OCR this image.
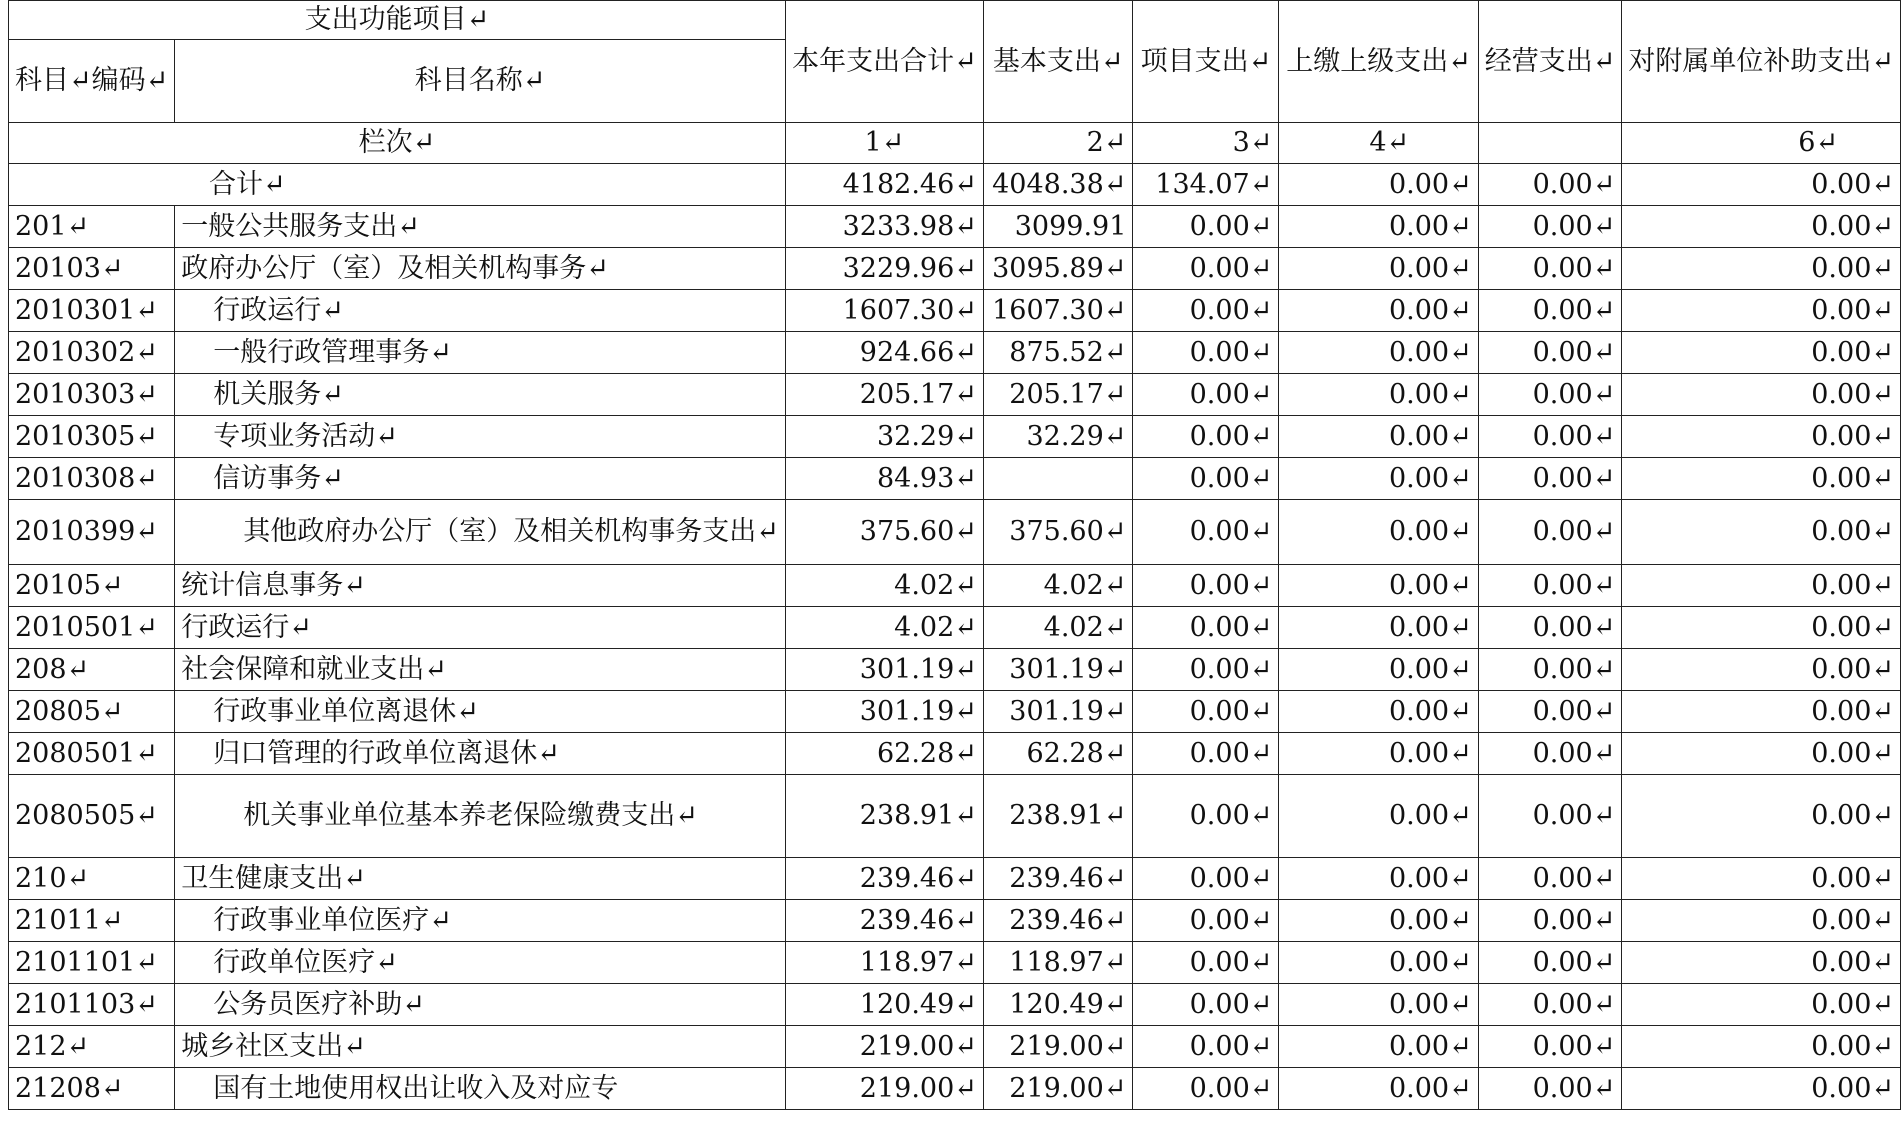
支出功能项目↵		本年支出合计↵	基本支出↵	项目支出↵	上缴上级支出↵	经营支出↵	对附属单位补助支出↵
科目↵编码↵	科目名称↵						
栏次↵		1↵	2↵	3↵	4↵		6↵
合计↵		4182.46↵	4048.38↵	134.07↵	0.00↵	0.00↵	0.00↵
201↵	一般公共服务支出↵	3233.98↵	3099.91	0.00↵	0.00↵	0.00↵	0.00↵
20103↵	政府办公厅（室）及相关机构事务↵	3229.96↵	3095.89↵	0.00↵	0.00↵	0.00↵	0.00↵
2010301↵	行政运行↵	1607.30↵	1607.30↵	0.00↵	0.00↵	0.00↵	0.00↵
2010302↵	一般行政管理事务↵	924.66↵	875.52↵	0.00↵	0.00↵	0.00↵	0.00↵
2010303↵	机关服务↵	205.17↵	205.17↵	0.00↵	0.00↵	0.00↵	0.00↵
2010305↵	专项业务活动↵	32.29↵	32.29↵	0.00↵	0.00↵	0.00↵	0.00↵
2010308↵	信访事务↵	84.93↵		0.00↵	0.00↵	0.00↵	0.00↵
2010399↵	其他政府办公厅（室）及相关机构事务支出↵	375.60↵	375.60↵	0.00↵	0.00↵	0.00↵	0.00↵
20105↵	统计信息事务↵	4.02↵	4.02↵	0.00↵	0.00↵	0.00↵	0.00↵
2010501↵	行政运行↵	4.02↵	4.02↵	0.00↵	0.00↵	0.00↵	0.00↵
208↵	社会保障和就业支出↵	301.19↵	301.19↵	0.00↵	0.00↵	0.00↵	0.00↵
20805↵	行政事业单位离退休↵	301.19↵	301.19↵	0.00↵	0.00↵	0.00↵	0.00↵
2080501↵	归口管理的行政单位离退休↵	62.28↵	62.28↵	0.00↵	0.00↵	0.00↵	0.00↵
2080505↵	机关事业单位基本养老保险缴费支出↵	238.91↵	238.91↵	0.00↵	0.00↵	0.00↵	0.00↵
210↵	卫生健康支出↵	239.46↵	239.46↵	0.00↵	0.00↵	0.00↵	0.00↵
21011↵	行政事业单位医疗↵	239.46↵	239.46↵	0.00↵	0.00↵	0.00↵	0.00↵
2101101↵	行政单位医疗↵	118.97↵	118.97↵	0.00↵	0.00↵	0.00↵	0.00↵
2101103↵	公务员医疗补助↵	120.49↵	120.49↵	0.00↵	0.00↵	0.00↵	0.00↵
212↵	城乡社区支出↵	219.00↵	219.00↵	0.00↵	0.00↵	0.00↵	0.00↵
21208↵	国有土地使用权出让收入及对应专	219.00↵	219.00↵	0.00↵	0.00↵	0.00↵	0.00↵
